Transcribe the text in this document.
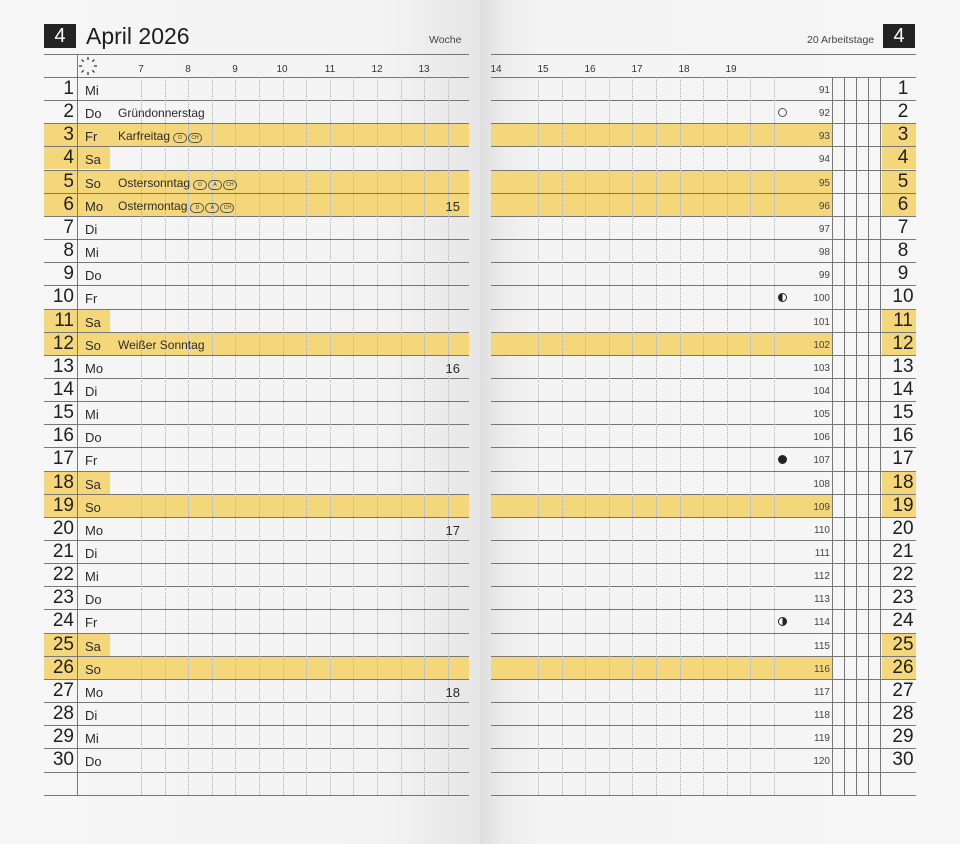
4 April 2026	Woche
7	8	9	10	11	12	13
1 Mi
2 Do Gründonnerstag
3 Fr Karfreitag D CH
4 Sa
5 So Ostersonntag D A CH
6 Mo Ostermontag D A CH	15
7 Di
8 Mi
9 Do
10 Fr
11 Sa
12 So Weißer Sonntag
13 Mo	16
14 Di
15 Mi
16 Do
17 Fr
18 Sa
19 So
20 Mo	17
21 Di
22 Mi
23 Do
24 Fr
25 Sa
26 So
27 Mo	18
28 Di
29 Mi
30 Do
20 Arbeitstage 4
14	15	16	17	18	19
91	1
92	2
93	3
94	4
95	5
96	6
97	7
98	8
99	9
100	10
101	11
102	12
103	13
104	14
105	15
106	16
107	17
108	18
109	19
110	20
111	21
112	22
113	23
114	24
115	25
116	26
117	27
118	28
119	29
120	30
